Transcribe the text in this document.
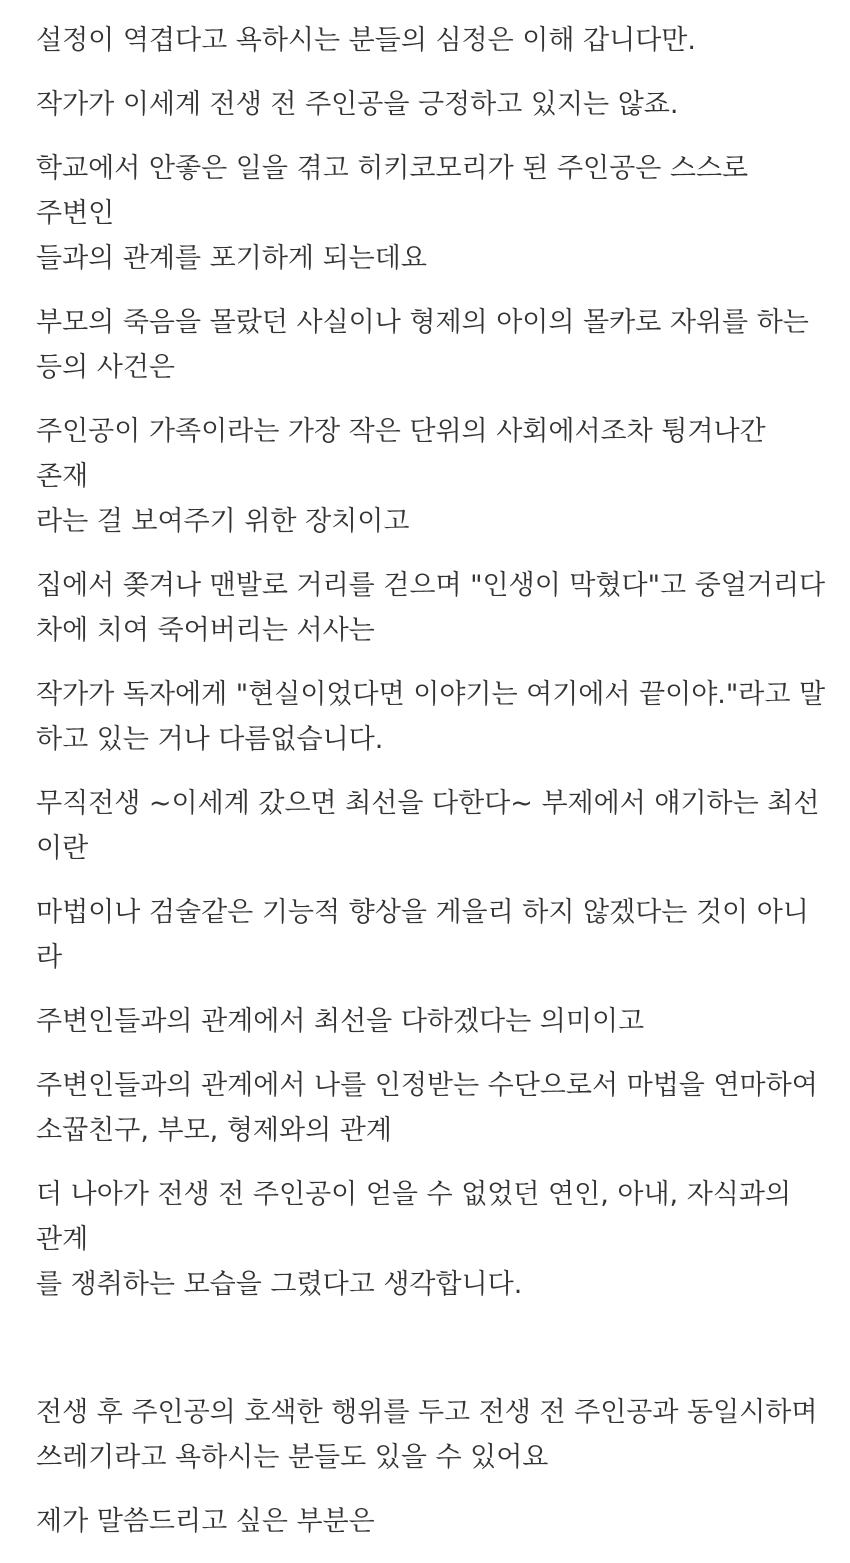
설정이 역겹다고 욕하시는 분들의 심정은 이해 갑니다만.
작가가 이세계 전생 전 주인공을 긍정하고 있지는 않죠.
학교에서 안좋은 일을 겪고 히키코모리가 된 주인공은 스스로 주변인
들과의 관계를 포기하게 되는데요
부모의 죽음을 몰랐던 사실이나 형제의 아이의 몰카로 자위를 하는
등의 사건은
주인공이 가족이라는 가장 작은 단위의 사회에서조차 튕겨나간 존재
라는 걸 보여주기 위한 장치이고
집에서 쫒겨나 맨발로 거리를 걷으며 "인생이 막혔다"고 중얼거리다
차에 치여 죽어버리는 서사는
작가가 독자에게 "현실이었다면 이야기는 여기에서 끝이야."라고 말
하고 있는 거나 다름없습니다.
무직전생 ~이세계 갔으면 최선을 다한다~ 부제에서 얘기하는 최선
이란
마법이나 검술같은 기능적 향상을 게을리 하지 않겠다는 것이 아니
라
주변인들과의 관계에서 최선을 다하겠다는 의미이고
주변인들과의 관계에서 나를 인정받는 수단으로서 마법을 연마하여
소꿉친구, 부모, 형제와의 관계
더 나아가 전생 전 주인공이 얻을 수 없었던 연인, 아내, 자식과의 관계
를 쟁취하는 모습을 그렸다고 생각합니다.
전생 후 주인공의 호색한 행위를 두고 전생 전 주인공과 동일시하며
쓰레기라고 욕하시는 분들도 있을 수 있어요
제가 말씀드리고 싶은 부분은
